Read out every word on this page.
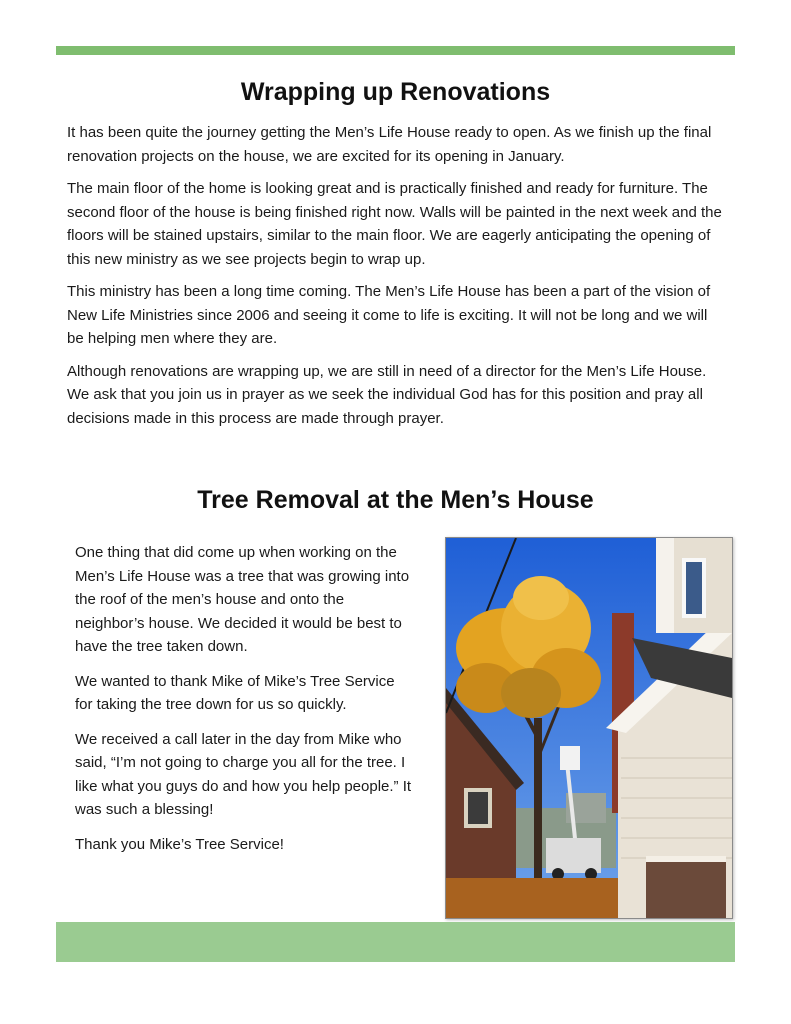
Wrapping up Renovations

It has been quite the journey getting the Men’s Life House ready to open. As we finish up the final renovation projects on the house, we are excited for its opening in January.

The main floor of the home is looking great and is practically finished and ready for furniture. The second floor of the house is being finished right now. Walls will be painted in the next week and the floors will be stained upstairs, similar to the main floor. We are eagerly anticipating the opening of this new ministry as we see projects begin to wrap up.

This ministry has been a long time coming. The Men’s Life House has been a part of the vision of New Life Ministries since 2006 and seeing it come to life is exciting. It will not be long and we will be helping men where they are.

Although renovations are wrapping up, we are still in need of a director for the Men’s Life House. We ask that you join us in prayer as we seek the individual God has for this position and pray all decisions made in this process are made through prayer.

Tree Removal at the Men’s House

One thing that did come up when working on the Men’s Life House was a tree that was growing into the roof of the men’s house and onto the neighbor’s house. We decided it would be best to have the tree taken down.

We wanted to thank Mike of Mike’s Tree Service for taking the tree down for us so quickly.

We received a call later in the day from Mike who said, “I’m not going to charge you all for the tree. I like what you guys do and how you help people.” It was such a blessing!

Thank you Mike’s Tree Service!
